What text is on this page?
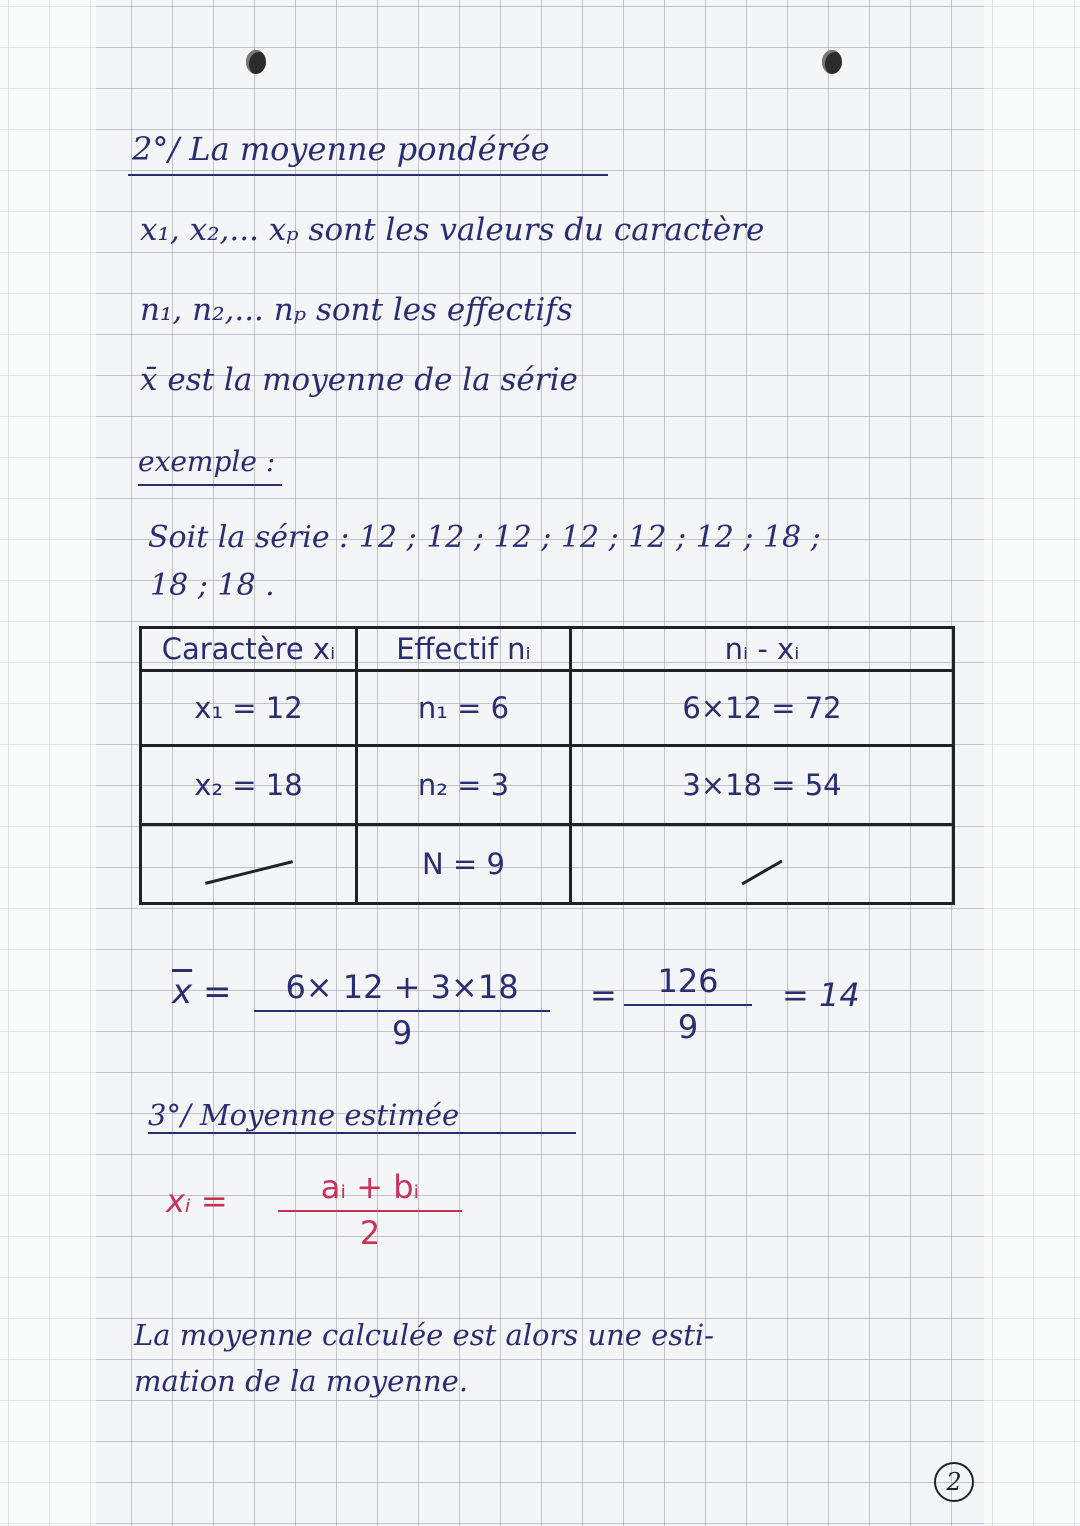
2°/ La moyenne pondérée
x₁, x₂,... xₚ sont les valeurs du caractère
n₁, n₂,... nₚ sont les effectifs
x̄ est la moyenne de la série
exemple :
Soit la série : 12 ; 12 ; 12 ; 12 ; 12 ; 12 ; 18 ;
18 ; 18 .
Caractère xᵢ	Effectif nᵢ	nᵢ - xᵢ
x₁ = 12	n₁ = 6	6×12 = 72
x₂ = 18	n₂ = 3	3×18 = 54
	N = 9	
$\overline{x} = \frac{6\times 12 + 3\times 18}{9} = \frac{126}{9} = 14$
3°/ Moyenne estimée
xᵢ = $\frac{\text{aᵢ + bᵢ}}{2}$
La moyenne calculée est alors une esti-
mation de la moyenne.
2
